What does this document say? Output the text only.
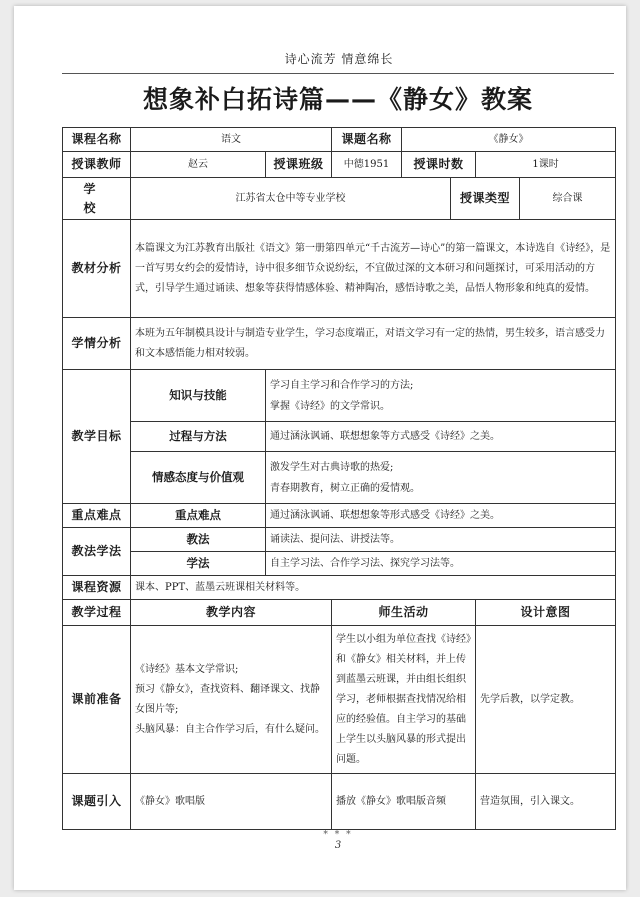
诗心流芳 情意绵长
想象补白拓诗篇——《静女》教案
课程名称	语文		课题名称	《静女》			
授课教师	赵云	授课班级	中德1951	授课时数		1课时	
学 校	江苏省太仓中等专业学校				授课类型		综合课
教材分析	本篇课文为江苏教育出版社《语文》第一册第四单元“千古流芳—诗心”的第一篇课文，本诗选自《诗经》，是一首写男女约会的爱情诗，诗中很多细节众说纷纭，不宜做过深的文本研习和问题探讨，可采用活动的方式，引导学生通过诵读、想象等获得情感体验、精神陶冶，感悟诗歌之美，品悟人物形象和纯真的爱情。						
学情分析	本班为五年制模具设计与制造专业学生，学习态度端正，对语文学习有一定的热情，男生较多，语言感受力和文本感悟能力相对较弱。						
教学目标	知识与技能	学习自主学习和合作学习的方法;
掌握《诗经》的文学常识。					

	过程与方法	通过涵泳讽诵、联想想象等方式感受《诗经》之美。					
	情感态度与价值观	激发学生对古典诗歌的热爱;
青春期教育，树立正确的爱情观。					

重点难点	重点难点	通过涵泳讽诵、联想想象等形式感受《诗经》之美。					
教法学法	教法	诵读法、提问法、讲授法等。					
	学法	自主学习法、合作学习法、探究学习法等。					
课程资源	课本、PPT、蓝墨云班课相关材料等。						
教学过程	教学内容		师生活动			设计意图	
课前准备	《诗经》基本文学常识;
预习《静女》，查找资料、翻译课文、找静女图片等;
头脑风暴：自主合作学习后，有什么疑问。		学生以小组为单位查找《诗经》和《静女》相关材料，并上传到蓝墨云班课，并由组长组织学习，老师根据查找情况给相应的经验值。自主学习的基础上学生以头脑风暴的形式提出问题。			先学后教，以学定教。	
课题引入	《静女》歌唱版		播放《静女》歌唱版音频			营造氛围，引入课文。	
* * *
3
